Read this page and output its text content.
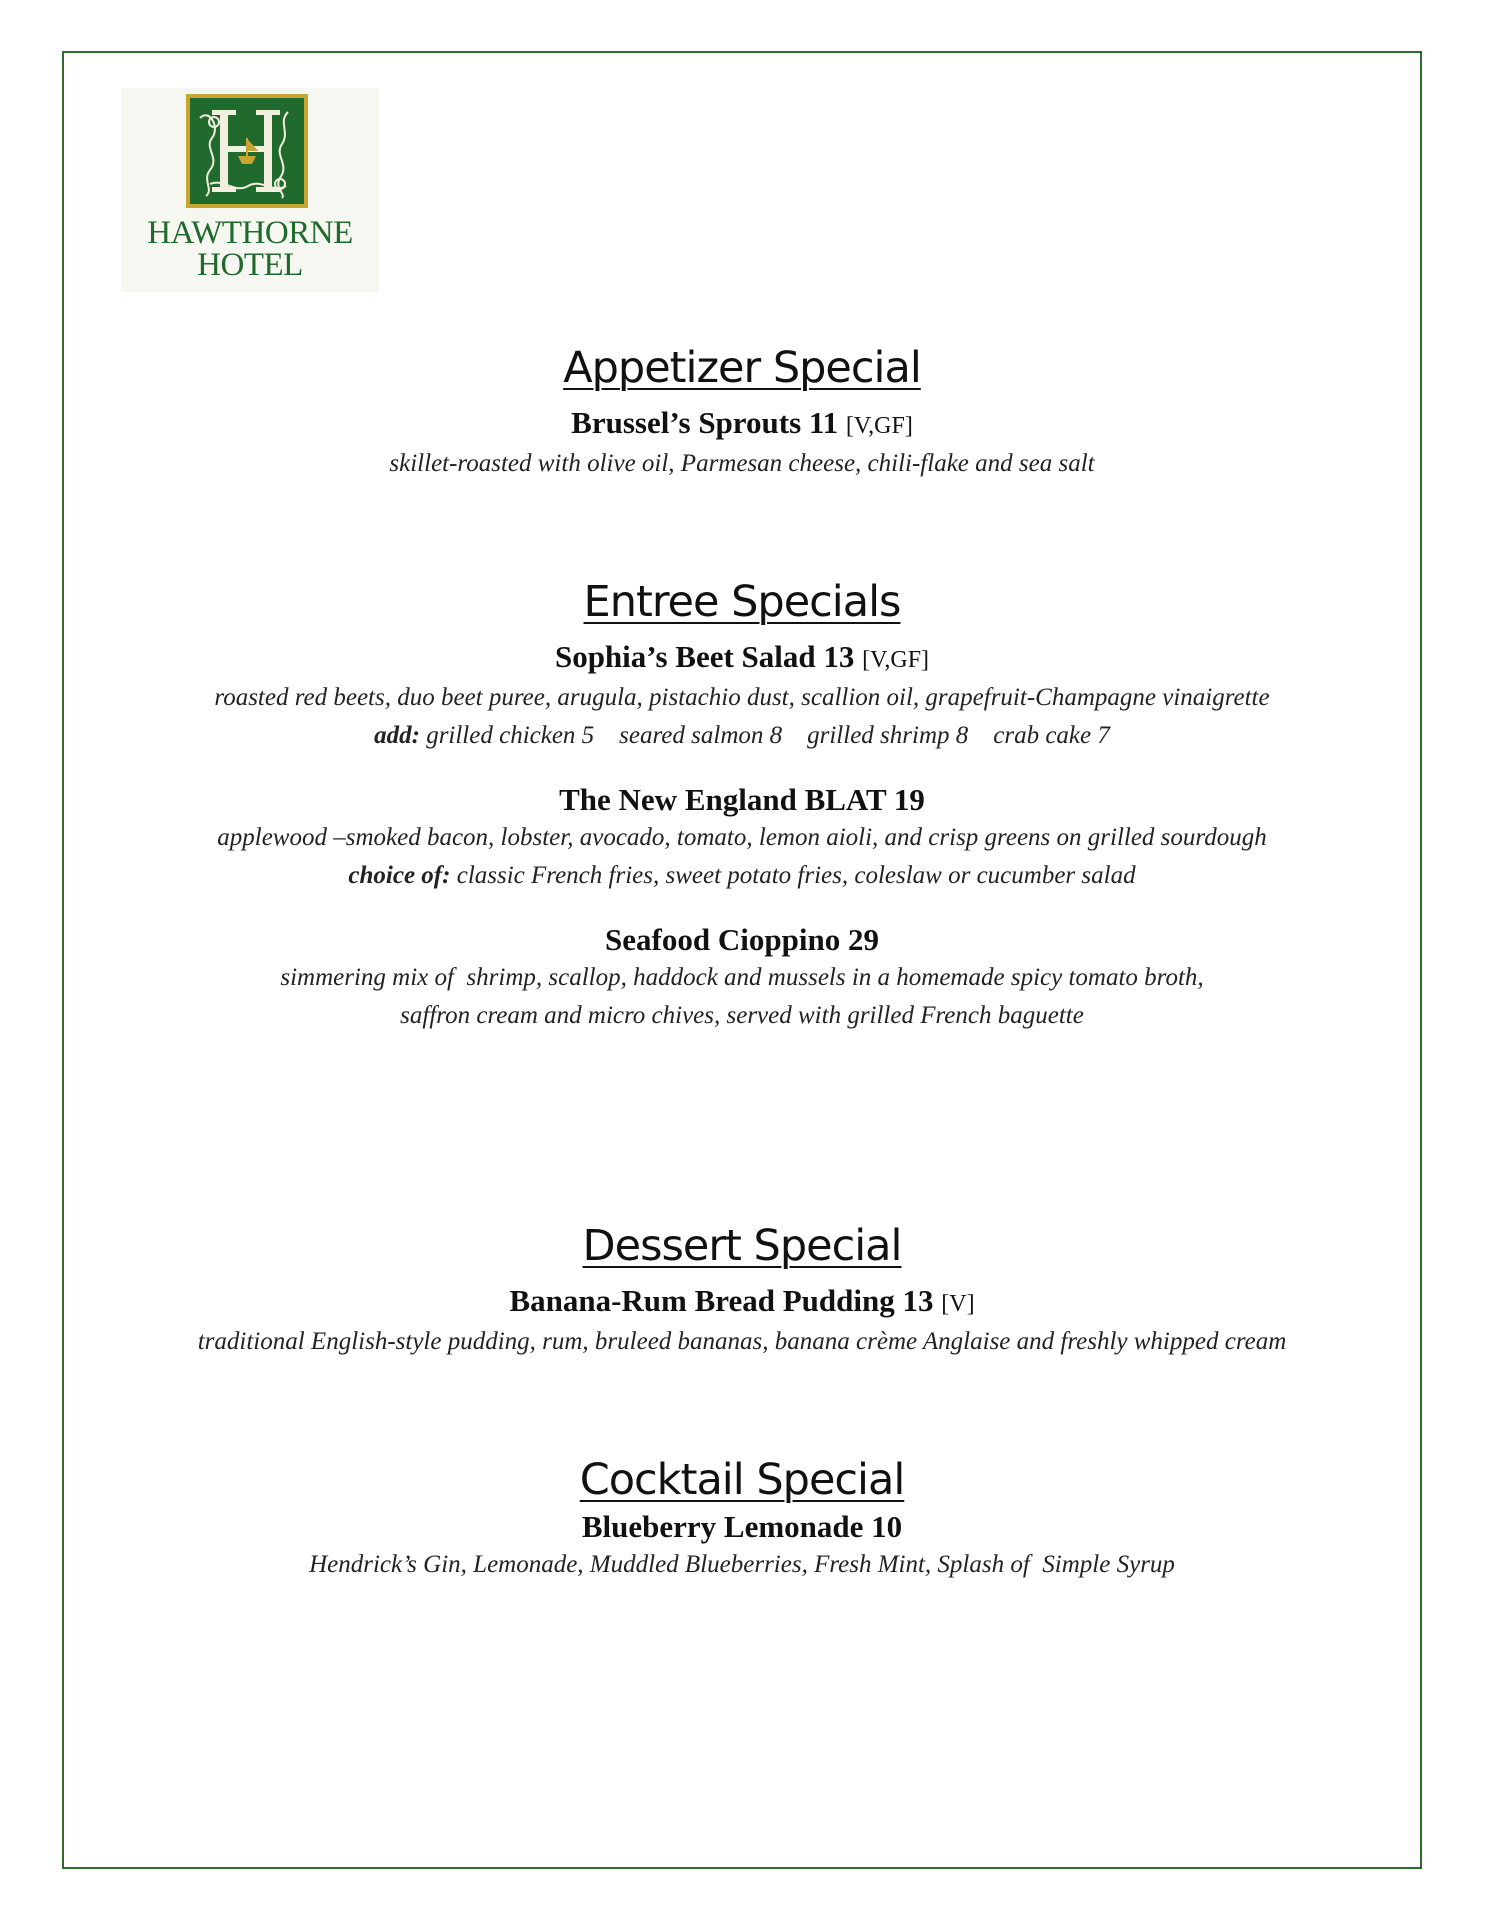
HAWTHORNE
HOTEL
Appetizer Special

Brussel’s Sprouts 11 [V,GF]

skillet-roasted with olive oil, Parmesan cheese, chili-flake and sea salt

Entree Specials

Sophia’s Beet Salad 13 [V,GF]

roasted red beets, duo beet puree, arugula, pistachio dust, scallion oil, grapefruit-Champagne vinaigrette

add: grilled chicken 5    seared salmon 8    grilled shrimp 8    crab cake 7

The New England BLAT 19

applewood –smoked bacon, lobster, avocado, tomato, lemon aioli, and crisp greens on grilled sourdough

choice of: classic French fries, sweet potato fries, coleslaw or cucumber salad

Seafood Cioppino 29

simmering mix of  shrimp, scallop, haddock and mussels in a homemade spicy tomato broth,

saffron cream and micro chives, served with grilled French baguette

Dessert Special

Banana-Rum Bread Pudding 13 [V]

traditional English-style pudding, rum, bruleed bananas, banana crème Anglaise and freshly whipped cream

Cocktail Special

Blueberry Lemonade 10

Hendrick’s Gin, Lemonade, Muddled Blueberries, Fresh Mint, Splash of  Simple Syrup
